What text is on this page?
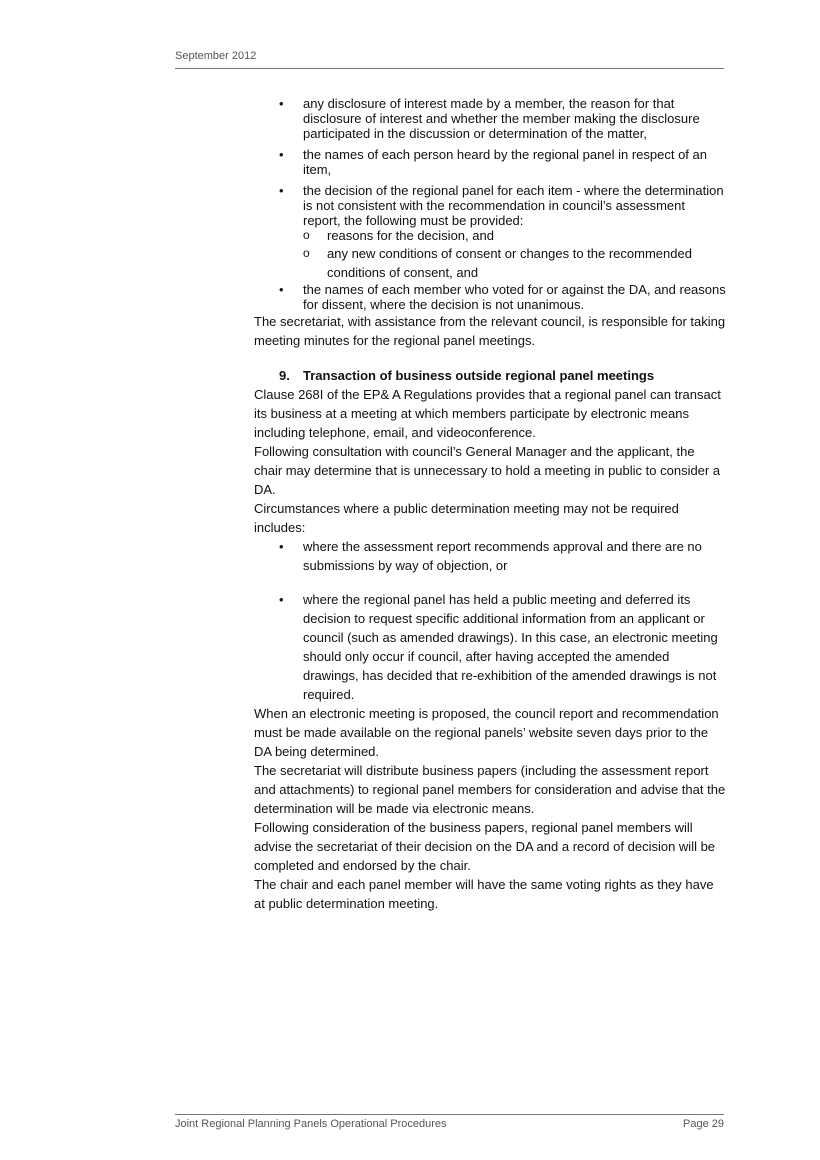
September 2012
• any disclosure of interest made by a member, the reason for that disclosure of interest and whether the member making the disclosure participated in the discussion or determination of the matter,
• the names of each person heard by the regional panel in respect of an item,
• the decision of the regional panel for each item - where the determination is not consistent with the recommendation in council’s assessment report, the following must be provided:
o reasons for the decision, and
o any new conditions of consent or changes to the recommended conditions of consent, and
• the names of each member who voted for or against the DA, and reasons for dissent, where the decision is not unanimous.

The secretariat, with assistance from the relevant council, is responsible for taking meeting minutes for the regional panel meetings.

9. Transaction of business outside regional panel meetings

Clause 268I of the EP& A Regulations provides that a regional panel can transact its business at a meeting at which members participate by electronic means including telephone, email, and videoconference.

Following consultation with council’s General Manager and the applicant, the chair may determine that is unnecessary to hold a meeting in public to consider a DA.

Circumstances where a public determination meeting may not be required includes:

• where the assessment report recommends approval and there are no submissions by way of objection, or
• where the regional panel has held a public meeting and deferred its decision to request specific additional information from an applicant or council (such as amended drawings). In this case, an electronic meeting should only occur if council, after having accepted the amended drawings, has decided that re-exhibition of the amended drawings is not required.

When an electronic meeting is proposed, the council report and recommendation must be made available on the regional panels’ website seven days prior to the DA being determined.

The secretariat will distribute business papers (including the assessment report and attachments) to regional panel members for consideration and advise that the determination will be made via electronic means.

Following consideration of the business papers, regional panel members will advise the secretariat of their decision on the DA and a record of decision will be completed and endorsed by the chair.

The chair and each panel member will have the same voting rights as they have at public determination meeting.

Joint Regional Planning Panels Operational Procedures	Page 29
